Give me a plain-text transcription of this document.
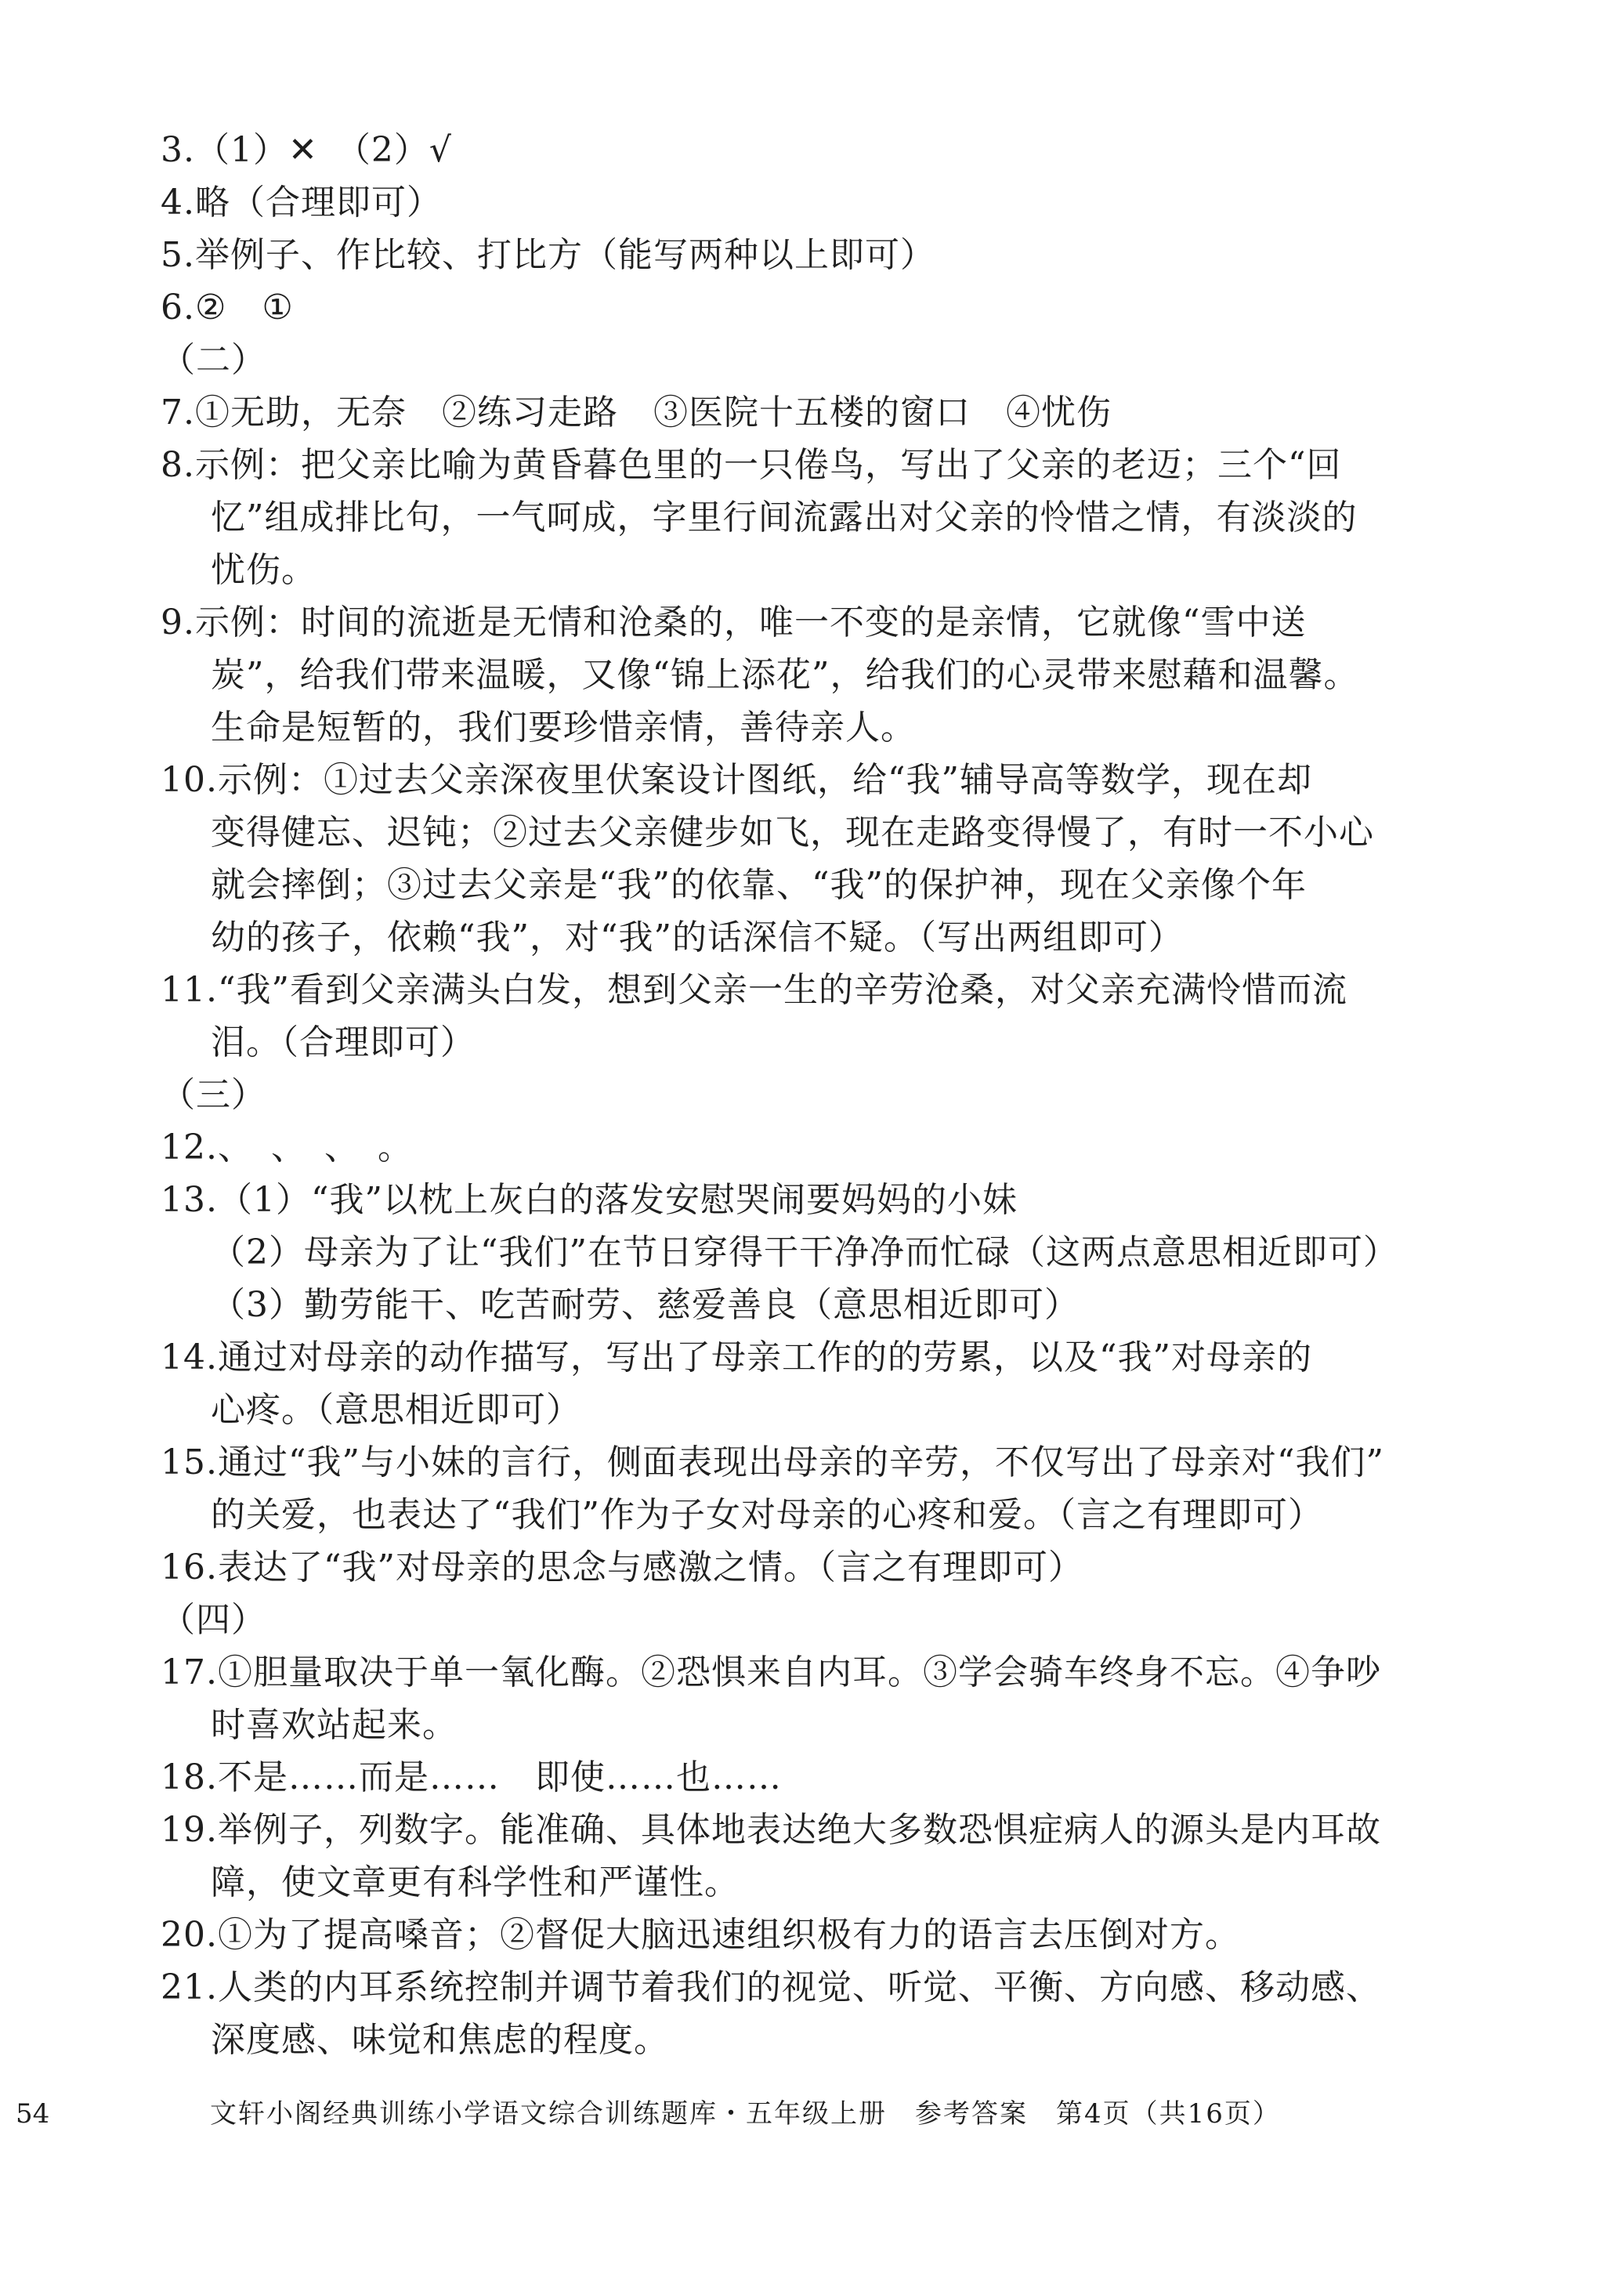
3.（1）✕　（2）√
4.略（合理即可）
5.举例子、作比较、打比方（能写两种以上即可）
6.②　①
（二）
7.①无助，无奈　②练习走路　③医院十五楼的窗口　④忧伤
8.示例：把父亲比喻为黄昏暮色里的一只倦鸟，写出了父亲的老迈；三个“回
忆”组成排比句，一气呵成，字里行间流露出对父亲的怜惜之情，有淡淡的
忧伤。
9.示例：时间的流逝是无情和沧桑的，唯一不变的是亲情，它就像“雪中送
炭”，给我们带来温暖，又像“锦上添花”，给我们的心灵带来慰藉和温馨。
生命是短暂的，我们要珍惜亲情，善待亲人。
10.示例：①过去父亲深夜里伏案设计图纸，给“我”辅导高等数学，现在却
变得健忘、迟钝；②过去父亲健步如飞，现在走路变得慢了，有时一不小心
就会摔倒；③过去父亲是“我”的依靠、“我”的保护神，现在父亲像个年
幼的孩子，依赖“我”，对“我”的话深信不疑。（写出两组即可）
11.“我”看到父亲满头白发，想到父亲一生的辛劳沧桑，对父亲充满怜惜而流
泪。（合理即可）
（三）
12.、　、　、　。
13.（1）“我”以枕上灰白的落发安慰哭闹要妈妈的小妹
（2）母亲为了让“我们”在节日穿得干干净净而忙碌（这两点意思相近即可）
（3）勤劳能干、吃苦耐劳、慈爱善良（意思相近即可）
14.通过对母亲的动作描写，写出了母亲工作的的劳累，以及“我”对母亲的
心疼。（意思相近即可）
15.通过“我”与小妹的言行，侧面表现出母亲的辛劳，不仅写出了母亲对“我们”
的关爱，也表达了“我们”作为子女对母亲的心疼和爱。（言之有理即可）
16.表达了“我”对母亲的思念与感激之情。（言之有理即可）
（四）
17.①胆量取决于单一氧化酶。②恐惧来自内耳。③学会骑车终身不忘。④争吵
时喜欢站起来。
18.不是……而是……　即使……也……
19.举例子，列数字。能准确、具体地表达绝大多数恐惧症病人的源头是内耳故
障，使文章更有科学性和严谨性。
20.①为了提高嗓音；②督促大脑迅速组织极有力的语言去压倒对方。
21.人类的内耳系统控制并调节着我们的视觉、听觉、平衡、方向感、移动感、
深度感、味觉和焦虑的程度。
54	文轩小阁经典训练小学语文综合训练题库・五年级上册　参考答案　第4页（共16页）
